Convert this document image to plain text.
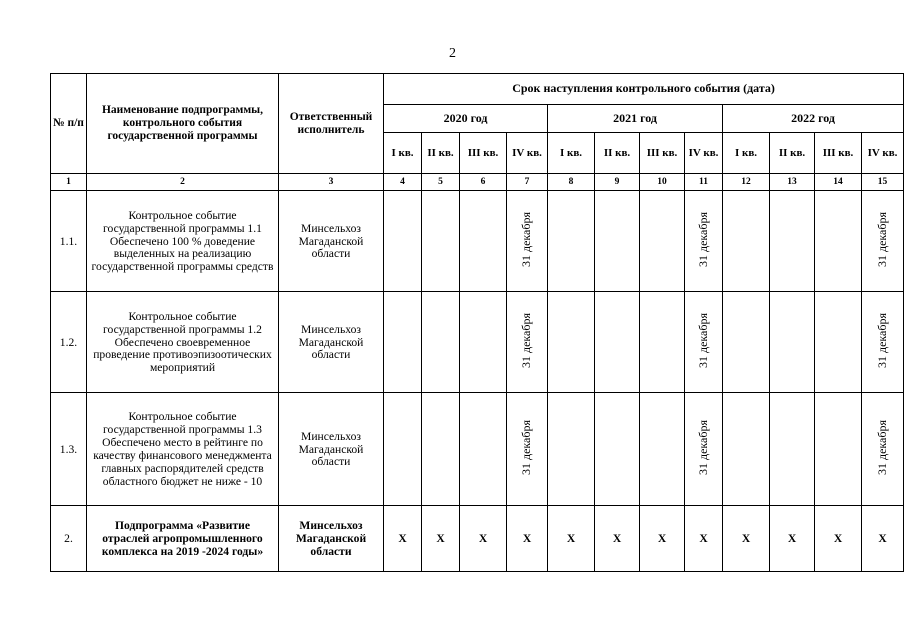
2
№ п/п	Наименование подпрограммы, контрольного события государственной программы	Ответственный исполнитель	Срок наступления контрольного события (дата)											
			2020 год				2021 год				2022 год			
			I кв.	II кв.	III кв.	IV кв.	I кв.	II кв.	III кв.	IV кв.	I кв.	II кв.	III кв.	IV кв.
1	2	3	4	5	6	7	8	9	10	11	12	13	14	15
1.1.	Контрольное событие государственной программы 1.1 Обеспечено 100 % доведение выделенных на реализацию государственной программы средств	Минсельхоз Магаданской области				31 декабря				31 декабря				31 декабря
1.2.	Контрольное событие государственной программы 1.2 Обеспечено своевременное проведение противоэпизоотических мероприятий	Минсельхоз Магаданской области				31 декабря				31 декабря				31 декабря
1.3.	Контрольное событие государственной программы 1.3 Обеспечено место в рейтинге по качеству финансового менеджмента главных распорядителей средств областного бюджет не ниже - 10	Минсельхоз Магаданской области				31 декабря				31 декабря				31 декабря
2.	Подпрограмма «Развитие отраслей агропромышленного комплекса на 2019 -2024 годы»	Минсельхоз Магаданской области	X	X	X	X	X	X	X	X	X	X	X	X
